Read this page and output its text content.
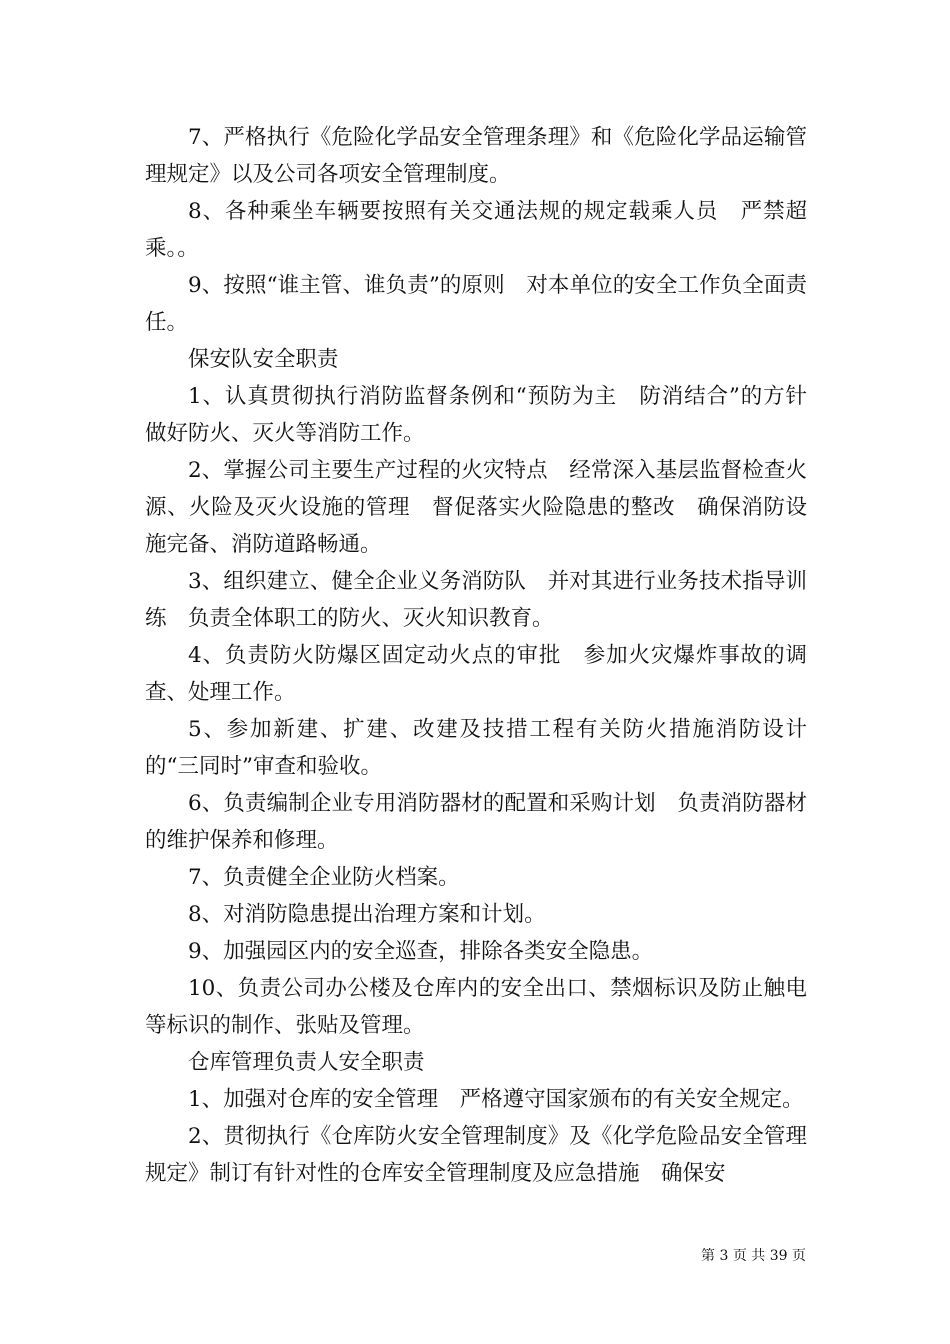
7、严格执行《危险化学品安全管理条理》和《危险化学品运输管理规定》以及公司各项安全管理制度。

8、各种乘坐车辆要按照有关交通法规的规定载乘人员　严禁超乘。。

9、按照“谁主管、谁负责”的原则　对本单位的安全工作负全面责任。

保安队安全职责

1、认真贯彻执行消防监督条例和“预防为主　防消结合”的方针　做好防火、灭火等消防工作。

2、掌握公司主要生产过程的火灾特点　经常深入基层监督检查火源、火险及灭火设施的管理　督促落实火险隐患的整改　确保消防设施完备、消防道路畅通。

3、组织建立、健全企业义务消防队　并对其进行业务技术指导训练　负责全体职工的防火、灭火知识教育。

4、负责防火防爆区固定动火点的审批　参加火灾爆炸事故的调查、处理工作。

5、参加新建、扩建、改建及技措工程有关防火措施消防设计的“三同时”审查和验收。

6、负责编制企业专用消防器材的配置和采购计划　负责消防器材的维护保养和修理。

7、负责健全企业防火档案。

8、对消防隐患提出治理方案和计划。

9、加强园区内的安全巡查，排除各类安全隐患。

10、负责公司办公楼及仓库内的安全出口、禁烟标识及防止触电等标识的制作、张贴及管理。

仓库管理负责人安全职责

1、加强对仓库的安全管理　严格遵守国家颁布的有关安全规定。

2、贯彻执行《仓库防火安全管理制度》及《化学危险品安全管理规定》制订有针对性的仓库安全管理制度及应急措施　确保安

第 3 页 共 39 页
